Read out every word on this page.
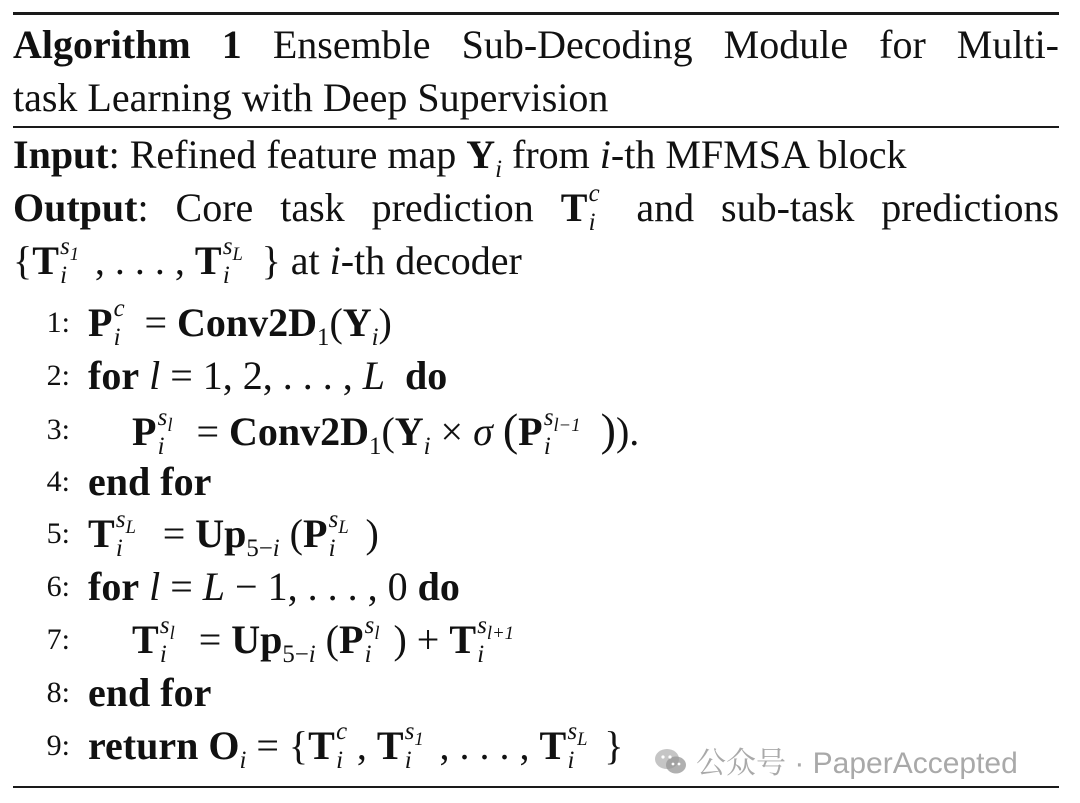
Algorithm 1 Ensemble Sub-Decoding Module for Multi-
task Learning with Deep Supervision
Input: Refined feature map $Y_i$ from i-th MFMSA block
Output: Core task prediction T c
i and sub-task predictions
{T $s_1$
i , . . . , T $s_L$
i } at i-th decoder
1: P c
$i = Conv2D_1(Y_i)$
2: for l = 1, 2, . . . , L do
3: P $s_l$
$i = Conv2D_1(Y_i \times \sigma$ (P $s_{l-1}$
i )).
4: end for
5: T $s_L$
$i = Up_{5-i}$ (P $s_L$
i )
6: for l = L − 1, . . . , 0 do
7: T $s_l$
$i = Up_{5-i}$ (P $s_l$
i ) + T $s_{l+1}$
i
8: end for
9: return $O_i = \{T$ c
i , T $s_1$
i , . . . , T $s_L$
i }	公众号 · PaperAccepted
